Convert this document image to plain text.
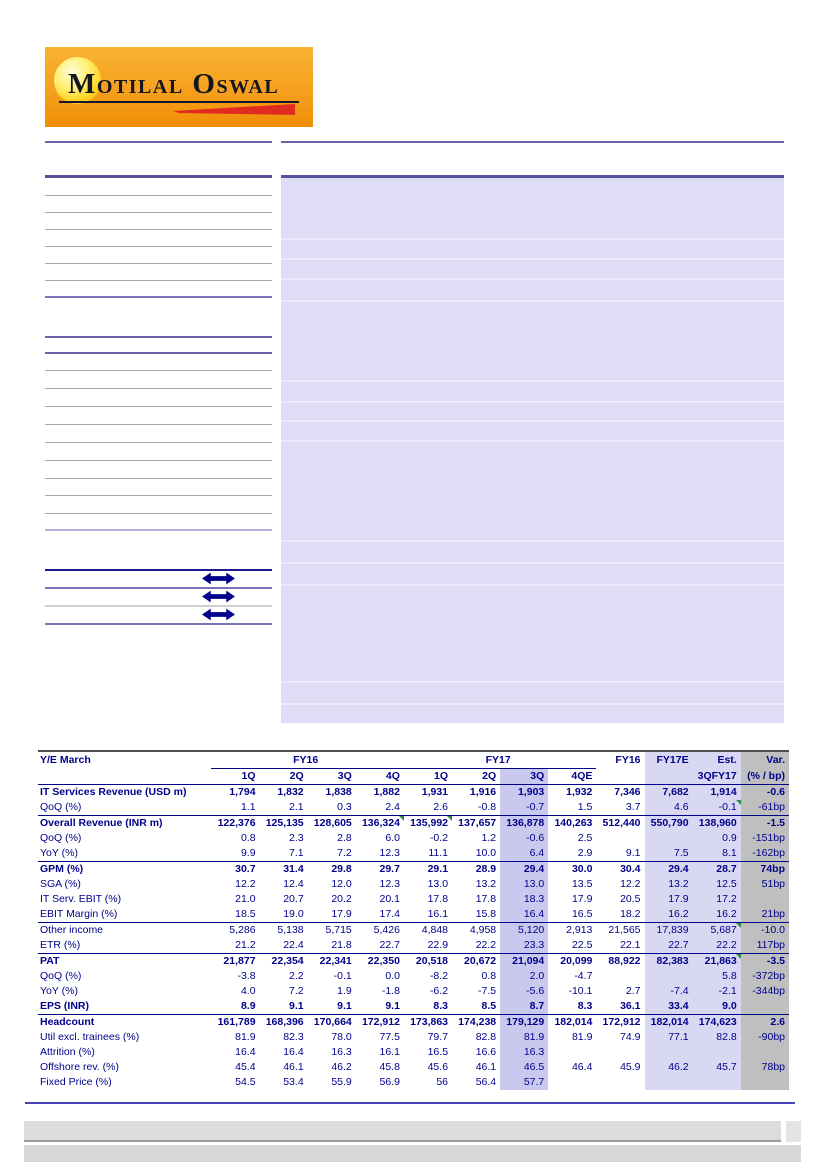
Motilal Oswal
Y/E March	FY16				FY17				FY16	FY17E	Est.	Var.
	1Q	2Q	3Q	4Q	1Q	2Q	3Q	4QE			3QFY17	(% / bp)
IT Services Revenue (USD m)	1,794	1,832	1,838	1,882	1,931	1,916	1,903	1,932	7,346	7,682	1,914	-0.6
QoQ (%)	1.1	2.1	0.3	2.4	2.6	-0.8	-0.7	1.5	3.7	4.6	-0.1	-61bp
Overall Revenue (INR m)	122,376	125,135	128,605	136,324	135,992	137,657	136,878	140,263	512,440	550,790	138,960	-1.5
QoQ (%)	0.8	2.3	2.8	6.0	-0.2	1.2	-0.6	2.5			0.9	-151bp
YoY (%)	9.9	7.1	7.2	12.3	11.1	10.0	6.4	2.9	9.1	7.5	8.1	-162bp
GPM (%)	30.7	31.4	29.8	29.7	29.1	28.9	29.4	30.0	30.4	29.4	28.7	74bp
SGA (%)	12.2	12.4	12.0	12.3	13.0	13.2	13.0	13.5	12.2	13.2	12.5	51bp
IT Serv. EBIT (%)	21.0	20.7	20.2	20.1	17.8	17.8	18.3	17.9	20.5	17.9	17.2	
EBIT Margin (%)	18.5	19.0	17.9	17.4	16.1	15.8	16.4	16.5	18.2	16.2	16.2	21bp
Other income	5,286	5,138	5,715	5,426	4,848	4,958	5,120	2,913	21,565	17,839	5,687	-10.0
ETR (%)	21.2	22.4	21.8	22.7	22.9	22.2	23.3	22.5	22.1	22.7	22.2	117bp
PAT	21,877	22,354	22,341	22,350	20,518	20,672	21,094	20,099	88,922	82,383	21,863	-3.5
QoQ (%)	-3.8	2.2	-0.1	0.0	-8.2	0.8	2.0	-4.7			5.8	-372bp
YoY (%)	4.0	7.2	1.9	-1.8	-6.2	-7.5	-5.6	-10.1	2.7	-7.4	-2.1	-344bp
EPS (INR)	8.9	9.1	9.1	9.1	8.3	8.5	8.7	8.3	36.1	33.4	9.0	
Headcount	161,789	168,396	170,664	172,912	173,863	174,238	179,129	182,014	172,912	182,014	174,623	2.6
Util excl. trainees (%)	81.9	82.3	78.0	77.5	79.7	82.8	81.9	81.9	74.9	77.1	82.8	-90bp
Attrition (%)	16.4	16.4	16.3	16.1	16.5	16.6	16.3					
Offshore rev. (%)	45.4	46.1	46.2	45.8	45.6	46.1	46.5	46.4	45.9	46.2	45.7	78bp
Fixed Price (%)	54.5	53.4	55.9	56.9	56	56.4	57.7					
